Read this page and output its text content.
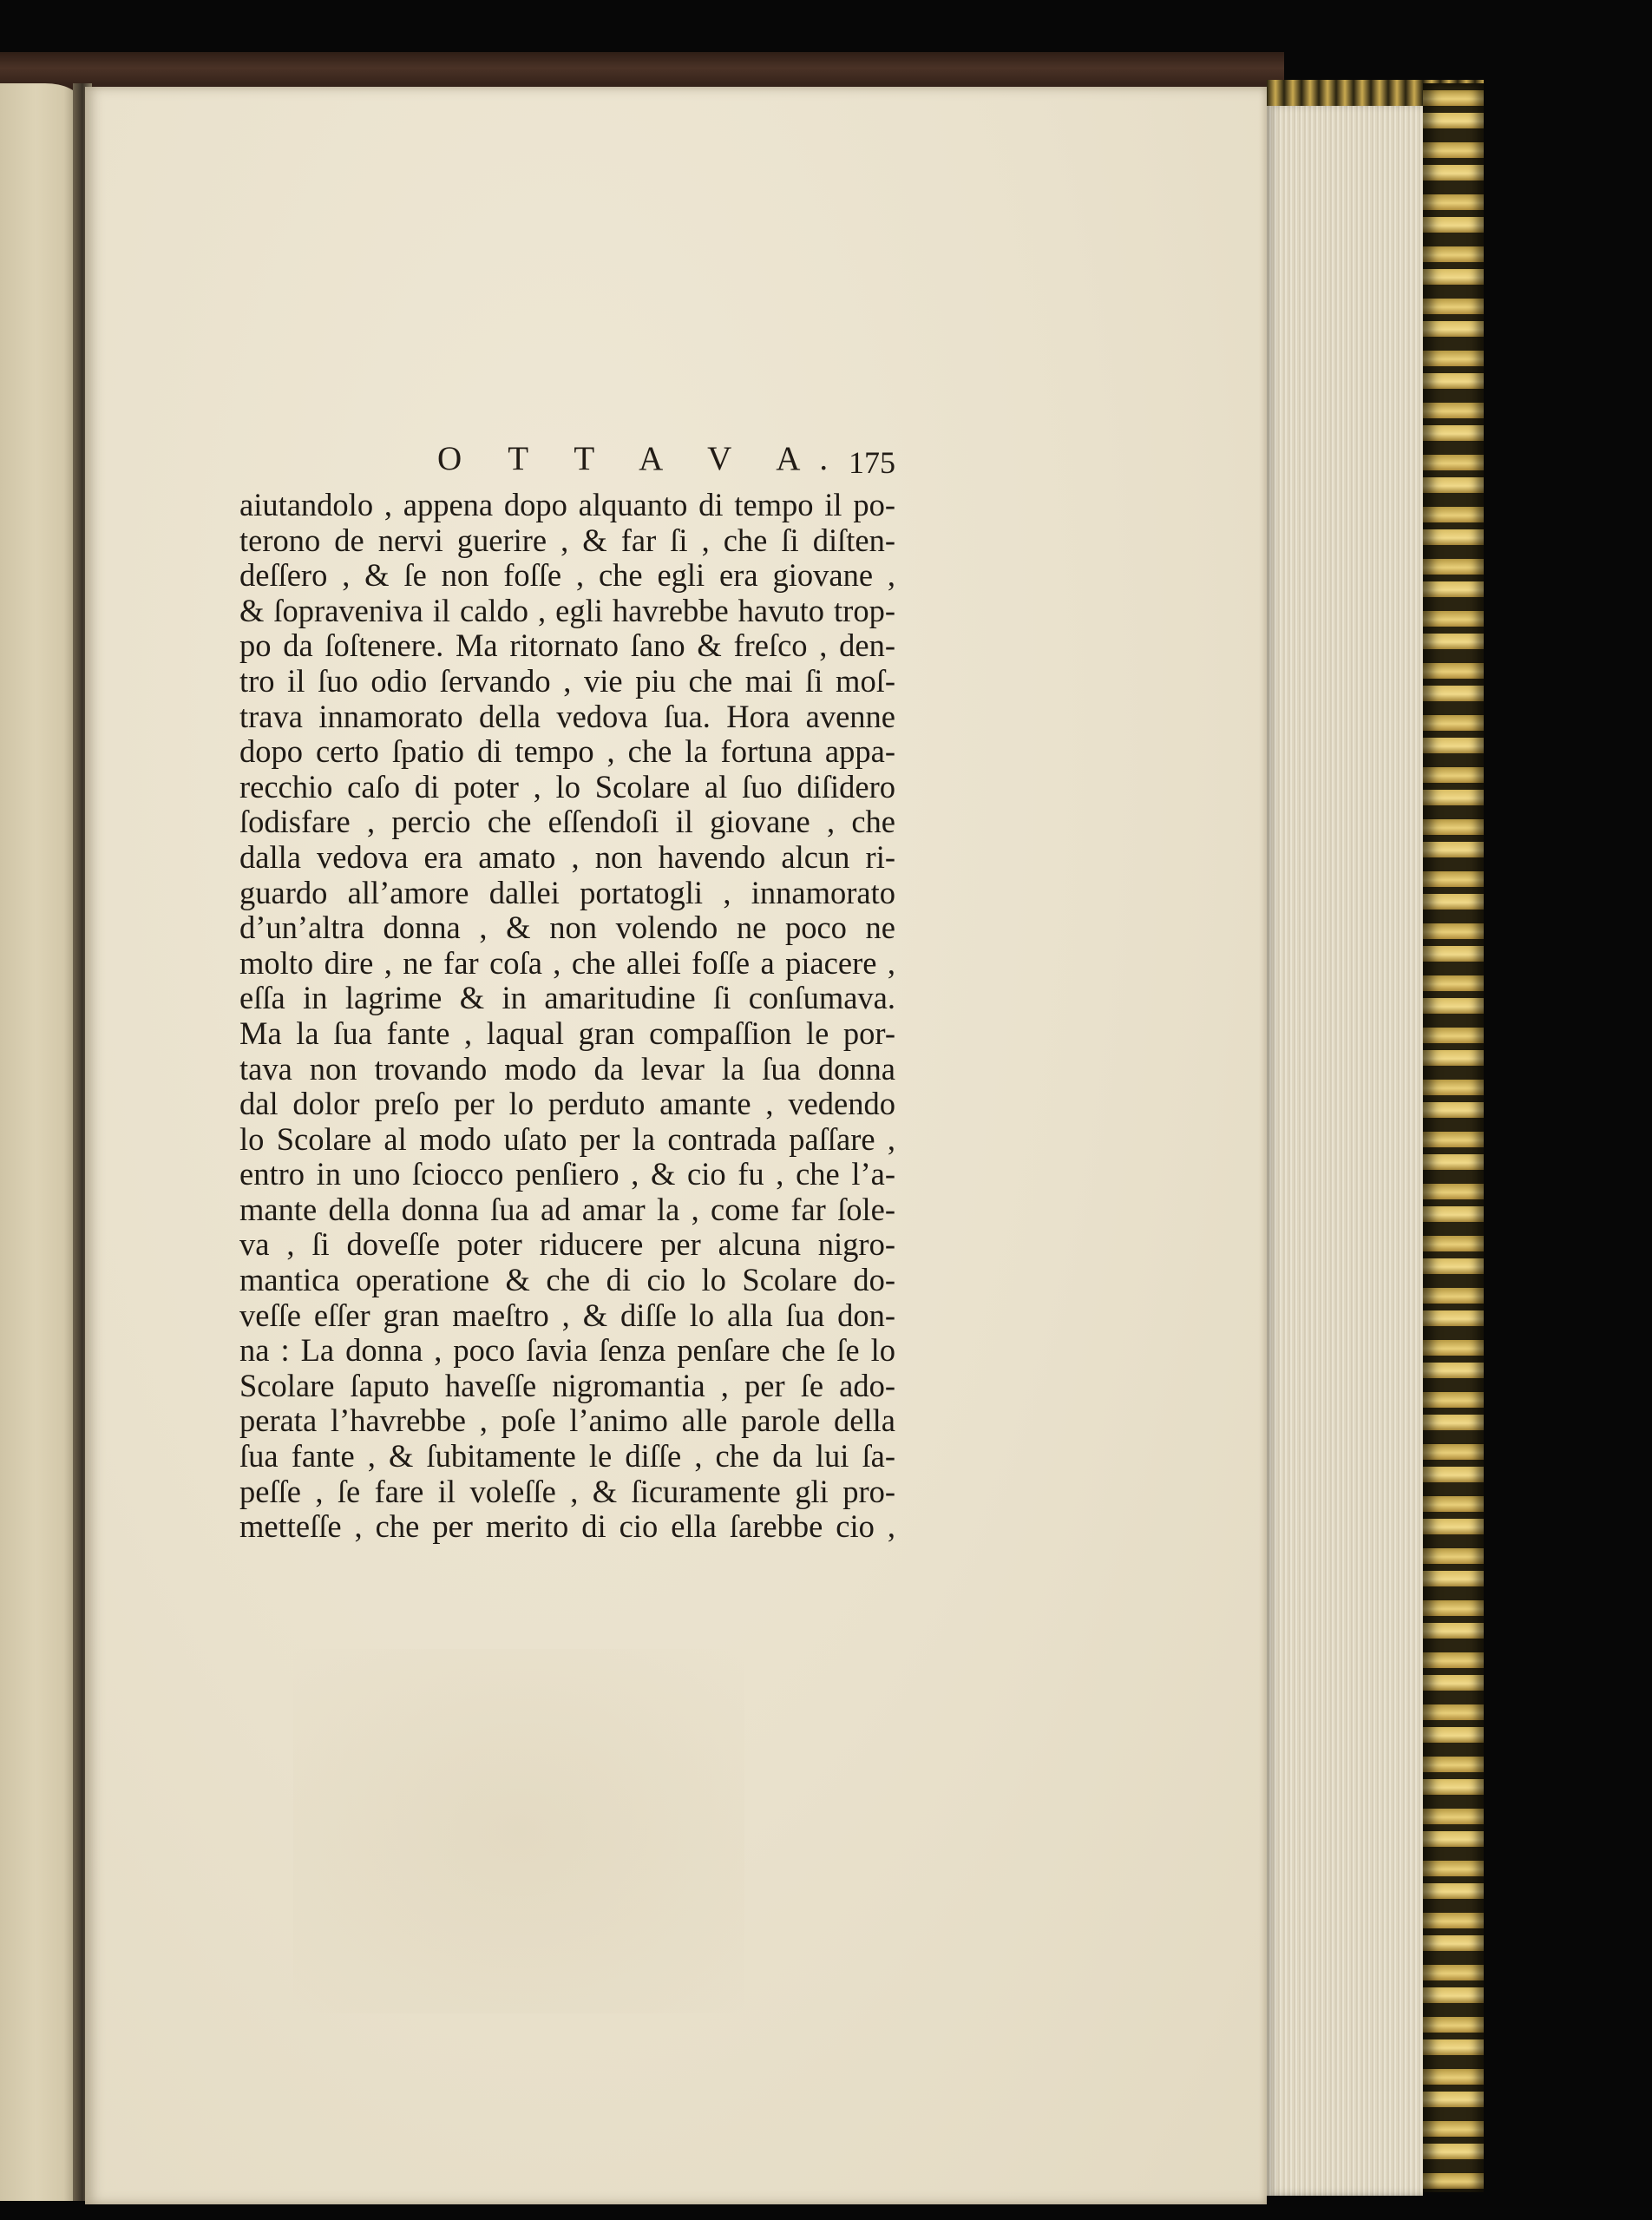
O T T A V A. 175
aiutandolo , appena dopo alquanto di tempo il po-
terono de nervi guerire , & far ſi , che ſi diſten-
deſſero , & ſe non foſſe , che egli era giovane ,
& ſopraveniva il caldo , egli havrebbe havuto trop-
po da ſoſtenere. Ma ritornato ſano & freſco , den-
tro il ſuo odio ſervando , vie piu che mai ſi moſ-
trava innamorato della vedova ſua. Hora avenne
dopo certo ſpatio di tempo , che la fortuna appa-
recchio caſo di poter , lo Scolare al ſuo diſidero
ſodisfare , percio che eſſendoſi il giovane , che
dalla vedova era amato , non havendo alcun ri-
guardo all’amore dallei portatogli , innamorato
d’un’altra donna , & non volendo ne poco ne
molto dire , ne far coſa , che allei foſſe a piacere ,
eſſa in lagrime & in amaritudine ſi conſumava.
Ma la ſua fante , laqual gran compaſſion le por-
tava non trovando modo da levar la ſua donna
dal dolor preſo per lo perduto amante , vedendo
lo Scolare al modo uſato per la contrada paſſare ,
entro in uno ſciocco penſiero , & cio fu , che l’a-
mante della donna ſua ad amar la , come far ſole-
va , ſi doveſſe poter riducere per alcuna nigro-
mantica operatione & che di cio lo Scolare do-
veſſe eſſer gran maeſtro , & diſſe lo alla ſua don-
na : La donna , poco ſavia ſenza penſare che ſe lo
Scolare ſaputo haveſſe nigromantia , per ſe ado-
perata l’havrebbe , poſe l’animo alle parole della
ſua fante , & ſubitamente le diſſe , che da lui ſa-
peſſe , ſe fare il voleſſe , & ſicuramente gli pro-
metteſſe , che per merito di cio ella ſarebbe cio ,
